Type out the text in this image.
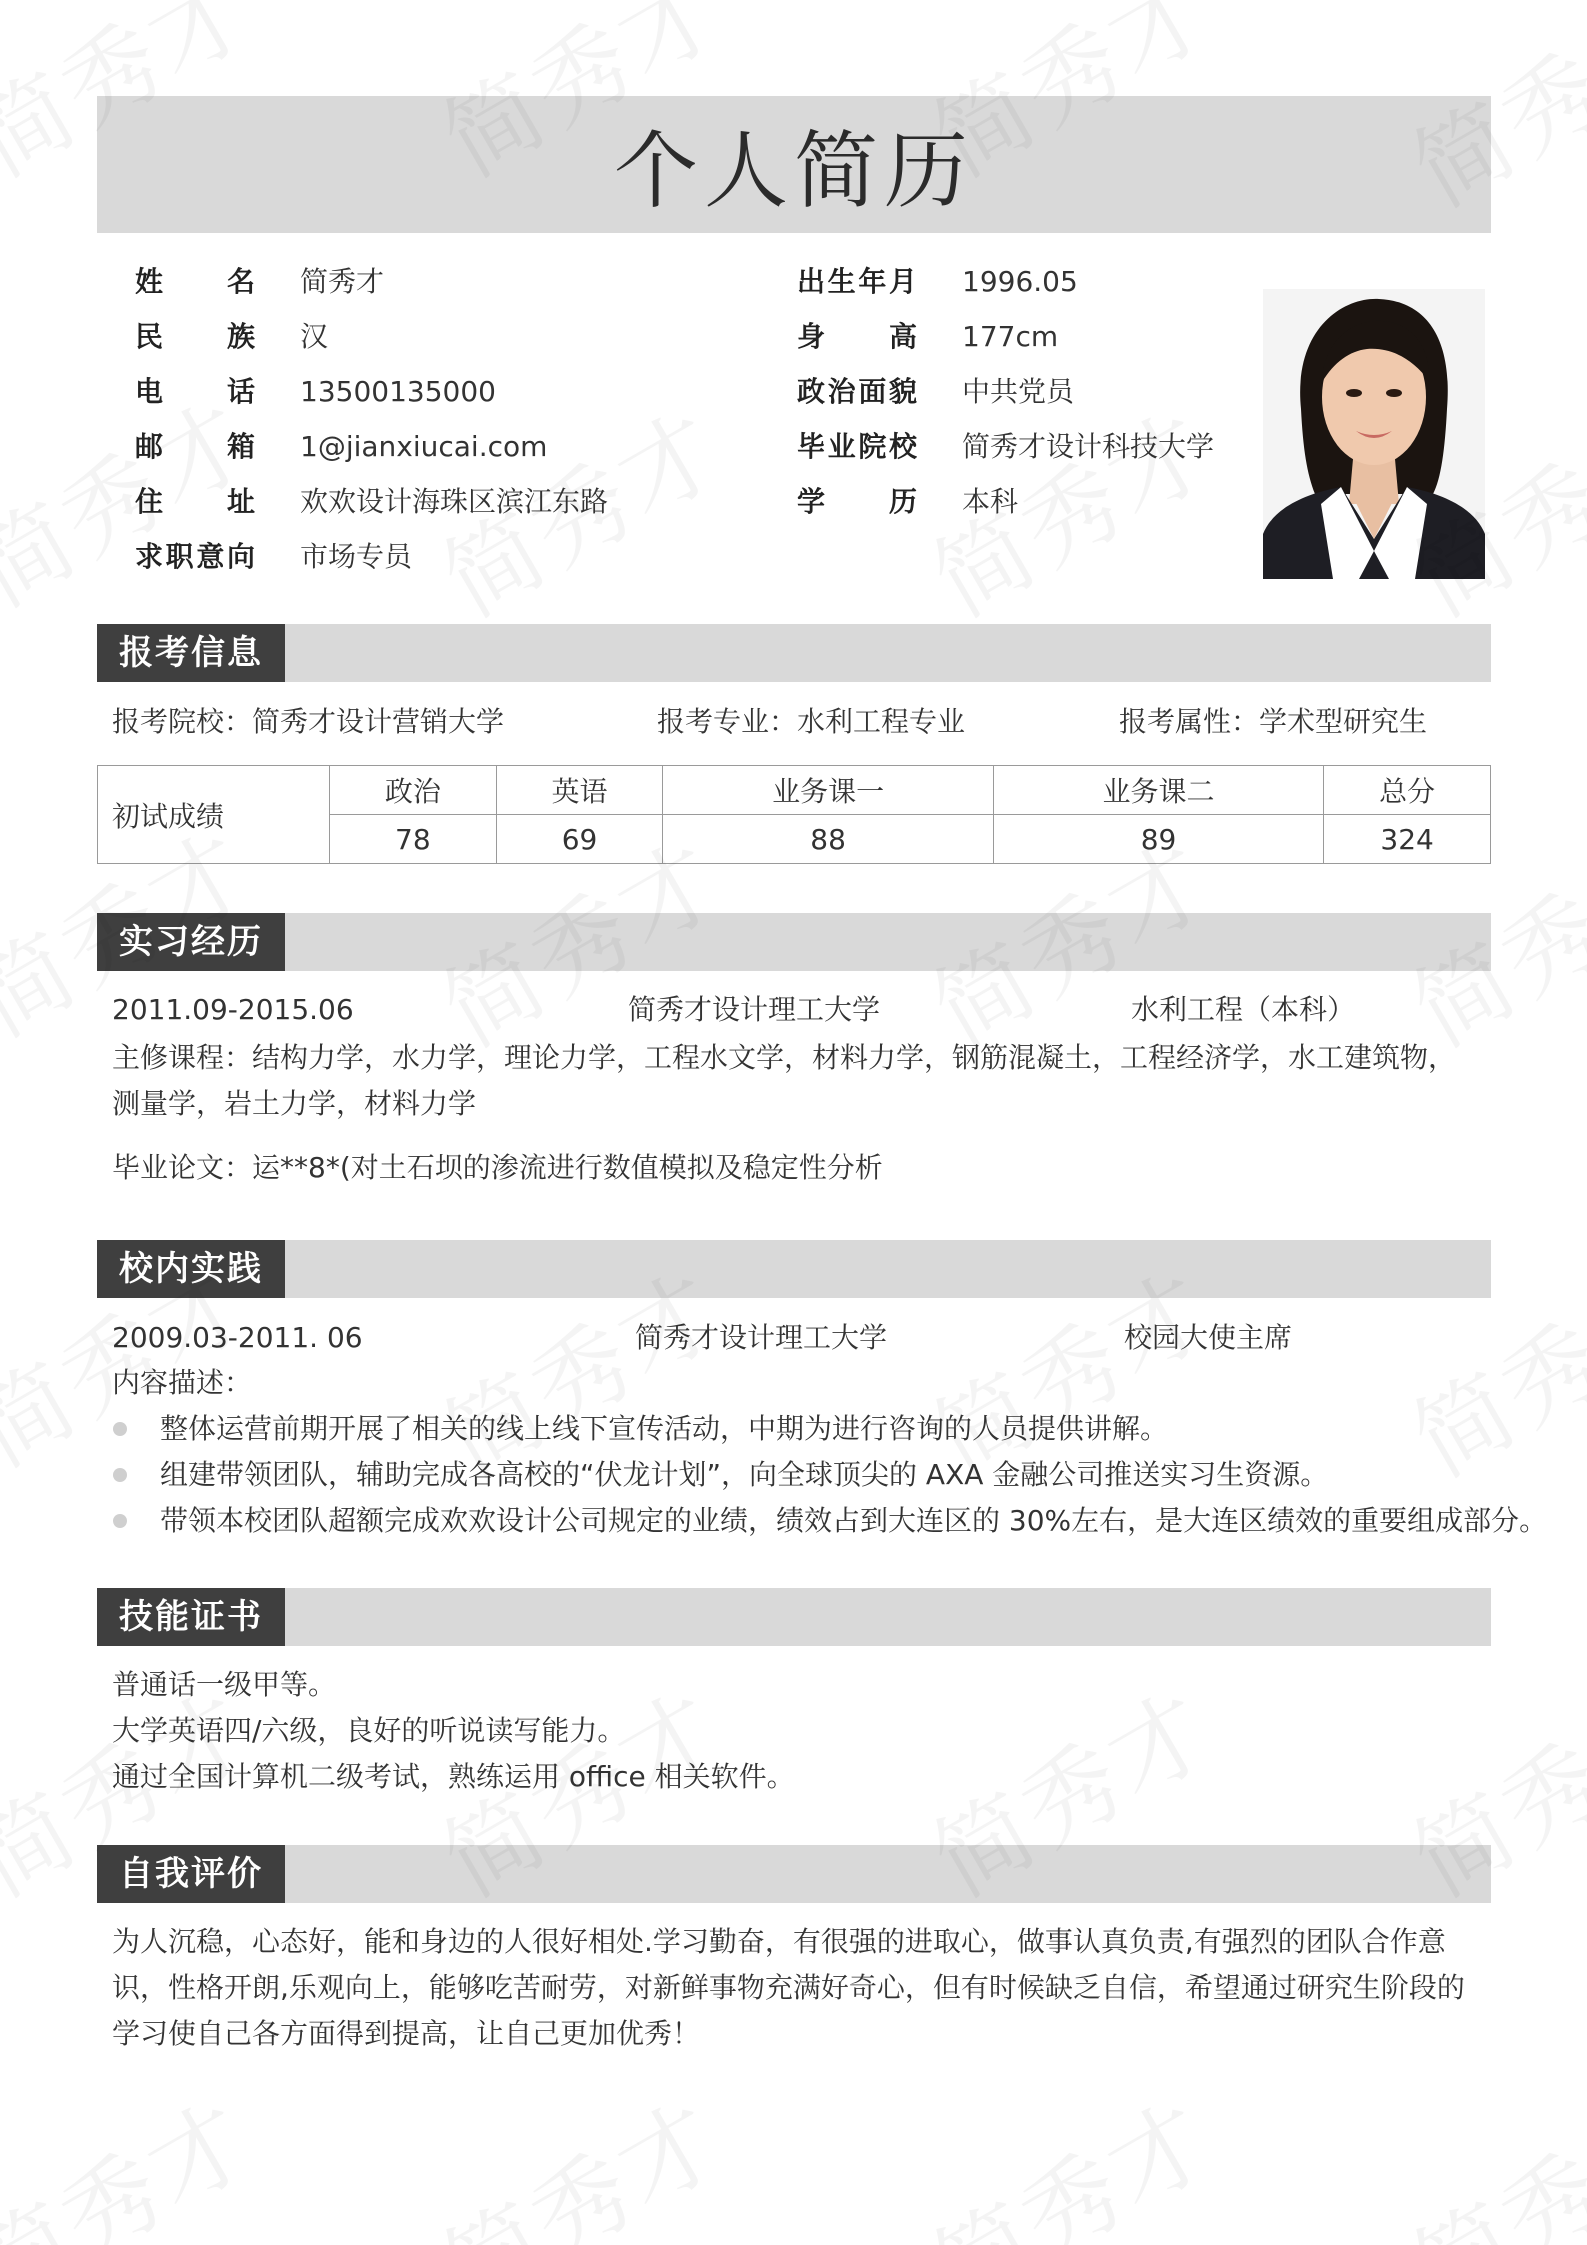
个人简历
姓名 简秀才
民族 汉
电话 13500135000
邮箱 1@jianxiucai.com
住址 欢欢设计海珠区滨江东路
求职意向 市场专员
出生年月 1996.05
身高 177cm
政治面貌 中共党员
毕业院校 简秀才设计科技大学
学历 本科
报考信息
报考院校：简秀才设计营销大学	报考专业：水利工程专业	报考属性：学术型研究生
初试成绩	政治	英语	业务课一	业务课二	总分
	78	69	88	89	324
实习经历
2011.09-2015.06	简秀才设计理工大学	水利工程（本科）
主修课程：结构力学，水力学，理论力学，工程水文学，材料力学，钢筋混凝土，工程经济学，水工建筑物，测量学，岩土力学，材料力学
毕业论文：运**8*(对土石坝的渗流进行数值模拟及稳定性分析
校内实践
2009.03-2011. 06	简秀才设计理工大学	校园大使主席
内容描述：
整体运营前期开展了相关的线上线下宣传活动，中期为进行咨询的人员提供讲解。
组建带领团队，辅助完成各高校的“伏龙计划”，向全球顶尖的 AXA 金融公司推送实习生资源。
带领本校团队超额完成欢欢设计公司规定的业绩，绩效占到大连区的 30%左右，是大连区绩效的重要组成部分。
技能证书
普通话一级甲等。
大学英语四/六级，良好的听说读写能力。
通过全国计算机二级考试，熟练运用 office 相关软件。
自我评价
为人沉稳，心态好，能和身边的人很好相处.学习勤奋，有很强的进取心，做事认真负责,有强烈的团队合作意识，性格开朗,乐观向上，能够吃苦耐劳，对新鲜事物充满好奇心，但有时候缺乏自信，希望通过研究生阶段的学习使自己各方面得到提高，让自己更加优秀！
